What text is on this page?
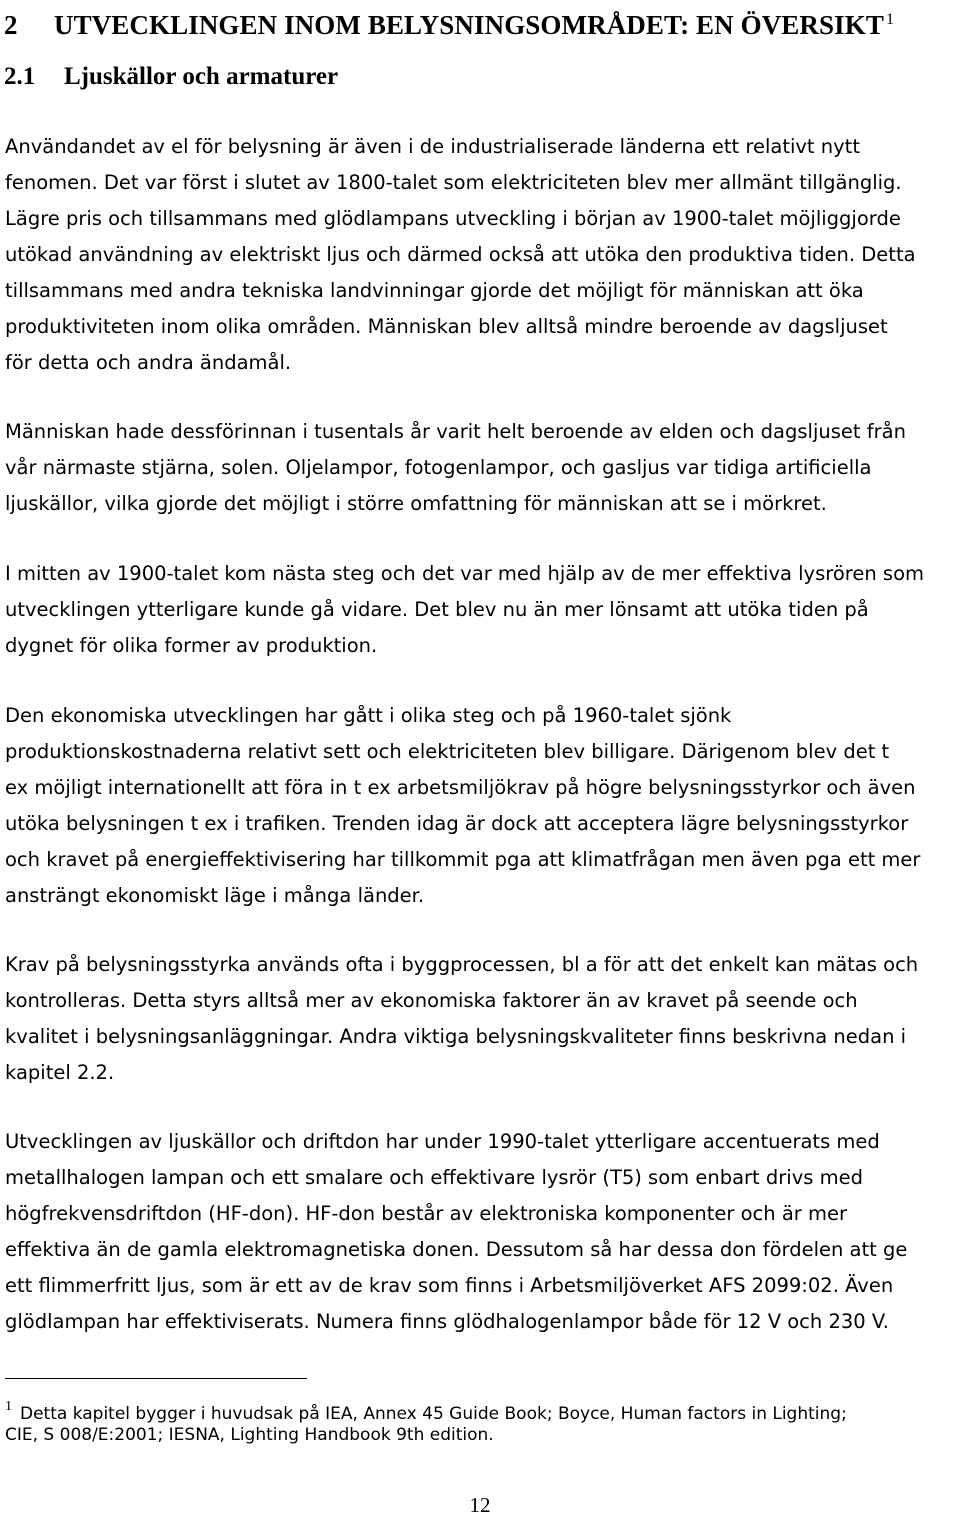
2 UTVECKLINGEN INOM BELYSNINGSOMRÅDET: EN ÖVERSIKT $^1$
2.1 Ljuskällor och armaturer

Användandet av el för belysning är även i de industrialiserade länderna ett relativt nytt
fenomen. Det var först i slutet av 1800-talet som elektriciteten blev mer allmänt tillgänglig.
Lägre pris och tillsammans med glödlampans utveckling i början av 1900-talet möjliggjorde
utökad användning av elektriskt ljus och därmed också att utöka den produktiva tiden. Detta
tillsammans med andra tekniska landvinningar gjorde det möjligt för människan att öka
produktiviteten inom olika områden. Människan blev alltså mindre beroende av dagsljuset
för detta och andra ändamål.

Människan hade dessförinnan i tusentals år varit helt beroende av elden och dagsljuset från
vår närmaste stjärna, solen. Oljelampor, fotogenlampor, och gasljus var tidiga artificiella
ljuskällor, vilka gjorde det möjligt i större omfattning för människan att se i mörkret.

I mitten av 1900-talet kom nästa steg och det var med hjälp av de mer effektiva lysrören som
utvecklingen ytterligare kunde gå vidare. Det blev nu än mer lönsamt att utöka tiden på
dygnet för olika former av produktion.

Den ekonomiska utvecklingen har gått i olika steg och på 1960-talet sjönk
produktionskostnaderna relativt sett och elektriciteten blev billigare. Därigenom blev det t
ex möjligt internationellt att föra in t ex arbetsmiljökrav på högre belysningsstyrkor och även
utöka belysningen t ex i trafiken. Trenden idag är dock att acceptera lägre belysningsstyrkor
och kravet på energieffektivisering har tillkommit pga att klimatfrågan men även pga ett mer
ansträngt ekonomiskt läge i många länder.

Krav på belysningsstyrka används ofta i byggprocessen, bl a för att det enkelt kan mätas och
kontrolleras. Detta styrs alltså mer av ekonomiska faktorer än av kravet på seende och
kvalitet i belysningsanläggningar. Andra viktiga belysningskvaliteter finns beskrivna nedan i
kapitel 2.2.

Utvecklingen av ljuskällor och driftdon har under 1990-talet ytterligare accentuerats med
metallhalogen lampan och ett smalare och effektivare lysrör (T5) som enbart drivs med
högfrekvensdriftdon (HF-don). HF-don består av elektroniska komponenter och är mer
effektiva än de gamla elektromagnetiska donen. Dessutom så har dessa don fördelen att ge
ett flimmerfritt ljus, som är ett av de krav som finns i Arbetsmiljöverket AFS 2099:02. Även
glödlampan har effektiviserats. Numera finns glödhalogenlampor både för 12 V och 230 V.

$^1$ Detta kapitel bygger i huvudsak på IEA, Annex 45 Guide Book; Boyce, Human factors in Lighting;
CIE, S 008/E:2001; IESNA, Lighting Handbook 9th edition.
12
